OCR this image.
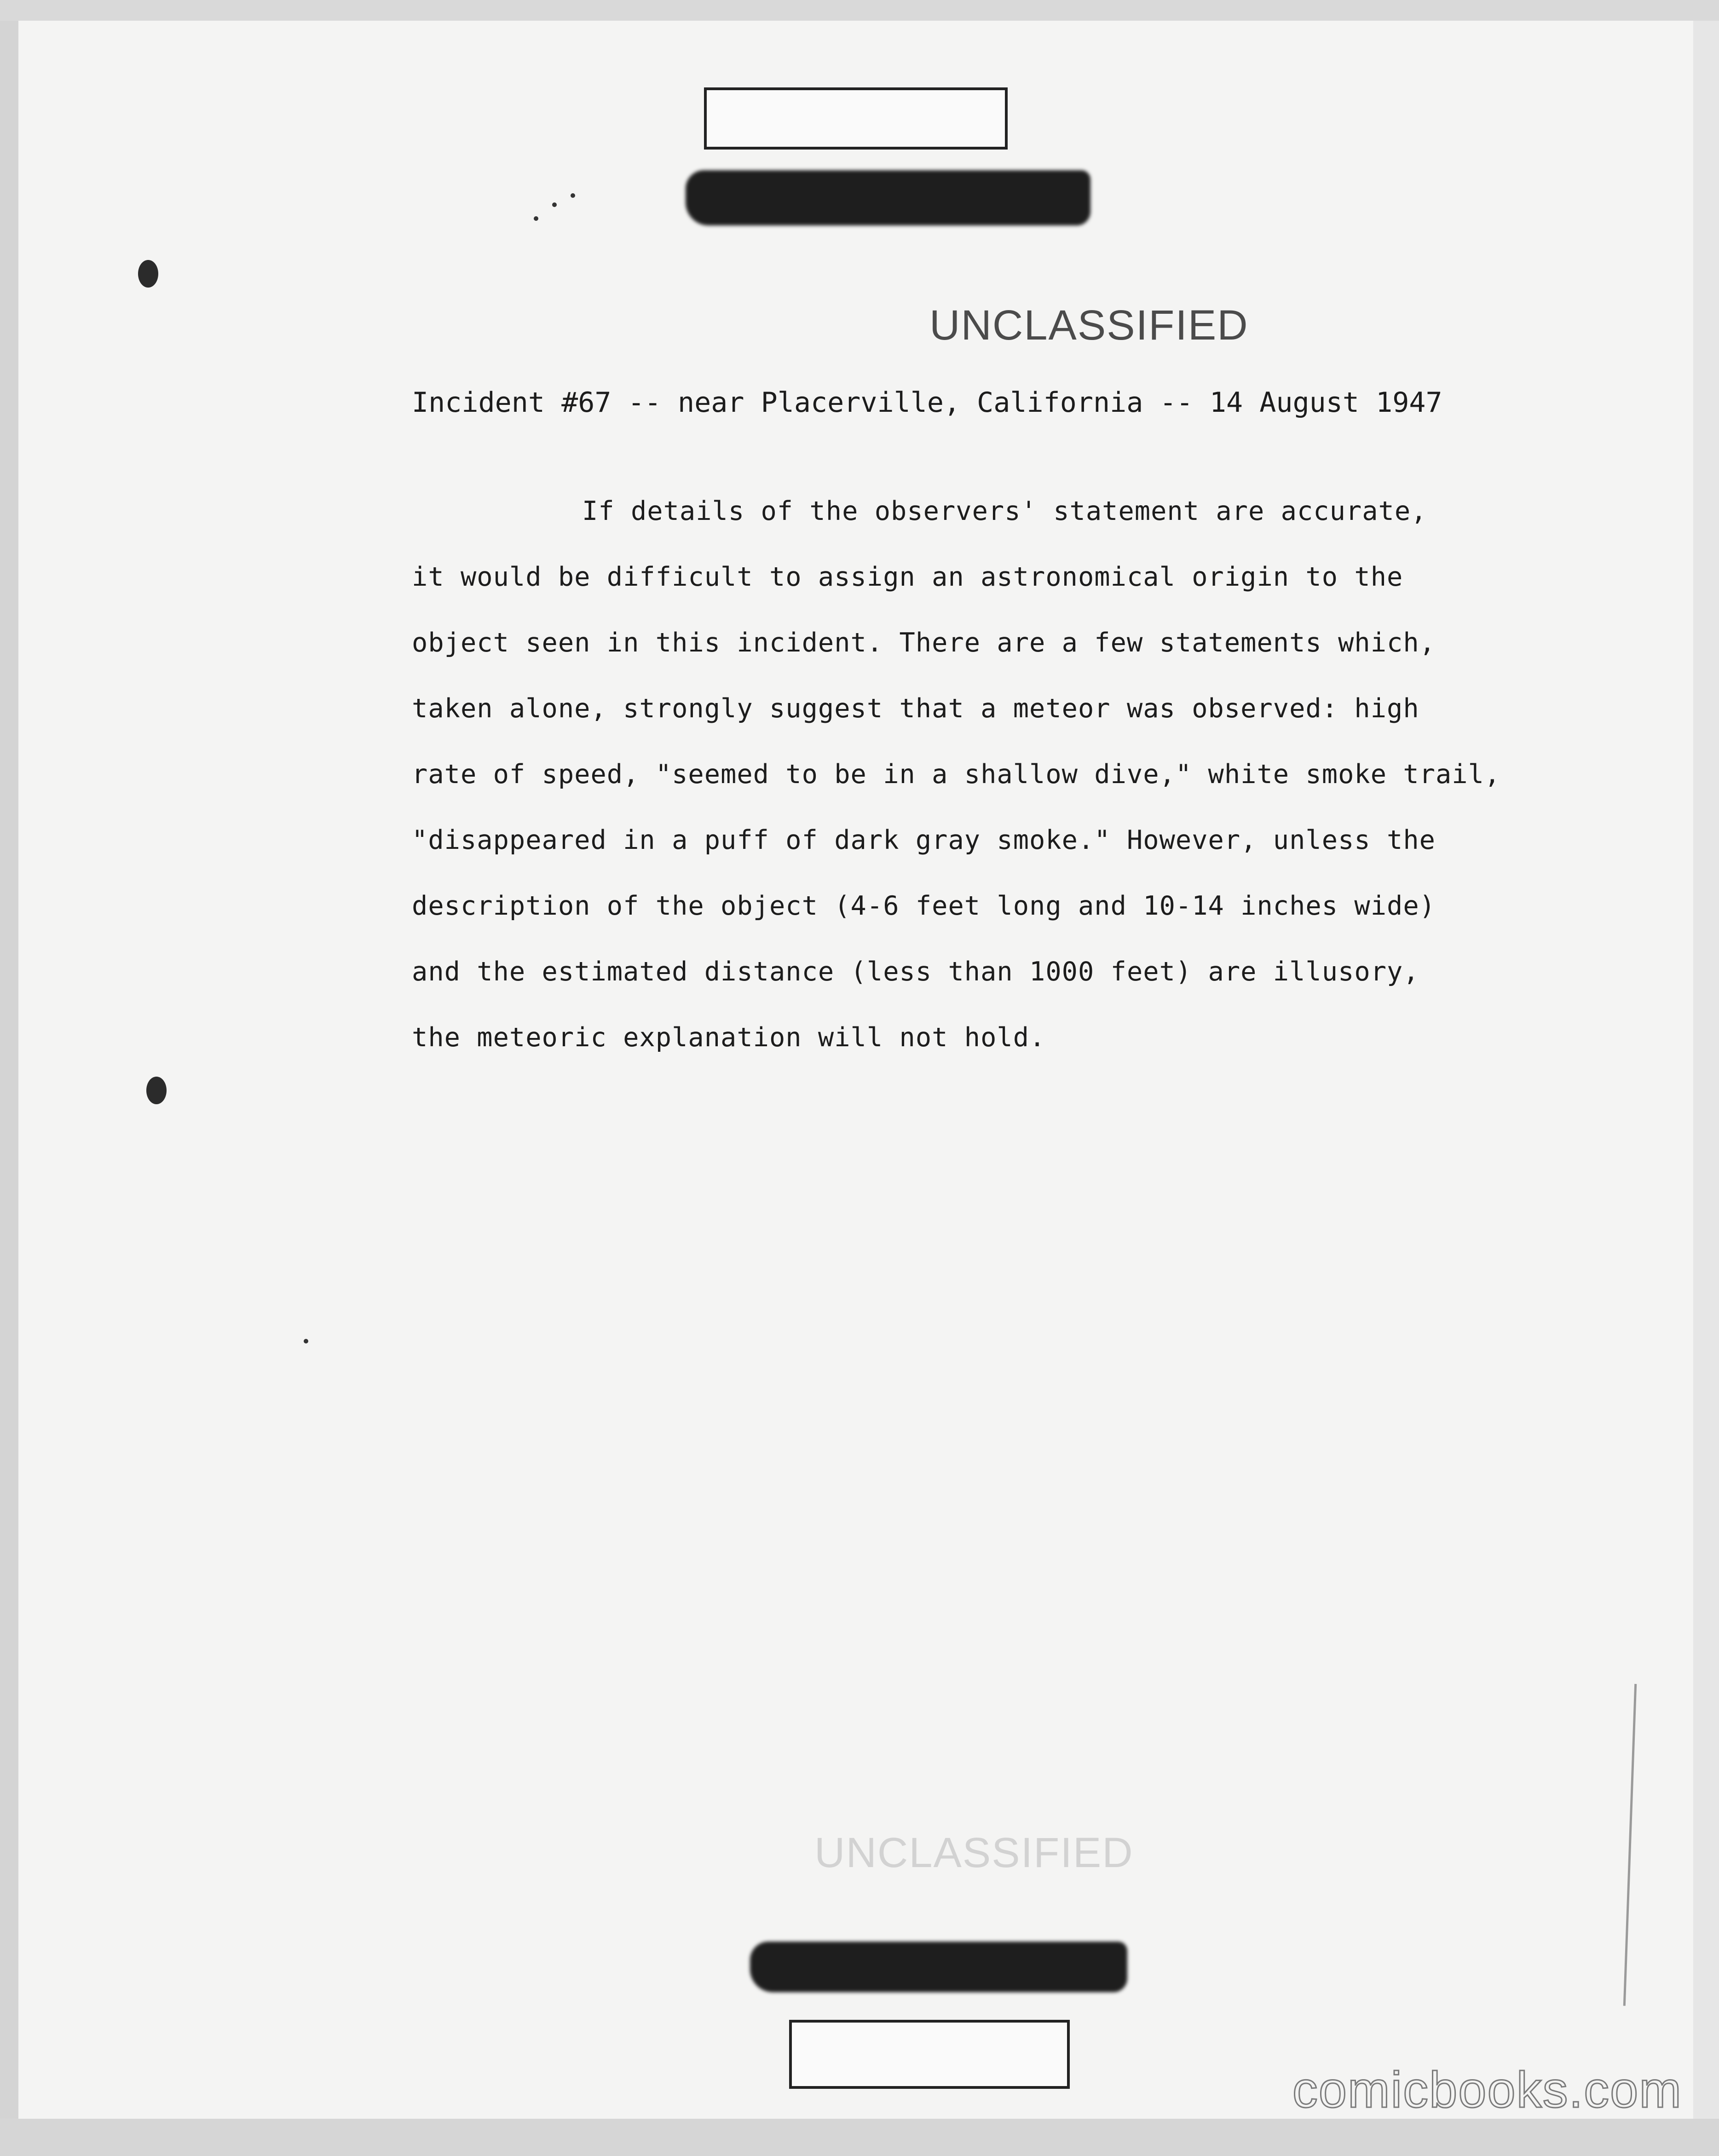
UNCLASSIFIED
Incident #67 -- near Placerville, California -- 14 August 1947
If details of the observers' statement are accurate,
it would be difficult to assign an astronomical origin to the
object seen in this incident. There are a few statements which,
taken alone, strongly suggest that a meteor was observed: high
rate of speed, "seemed to be in a shallow dive," white smoke trail,
"disappeared in a puff of dark gray smoke." However, unless the
description of the object (4-6 feet long and 10-14 inches wide)
and the estimated distance (less than 1000 feet) are illusory,
the meteoric explanation will not hold.
UNCLASSIFIED
comicbooks.com
